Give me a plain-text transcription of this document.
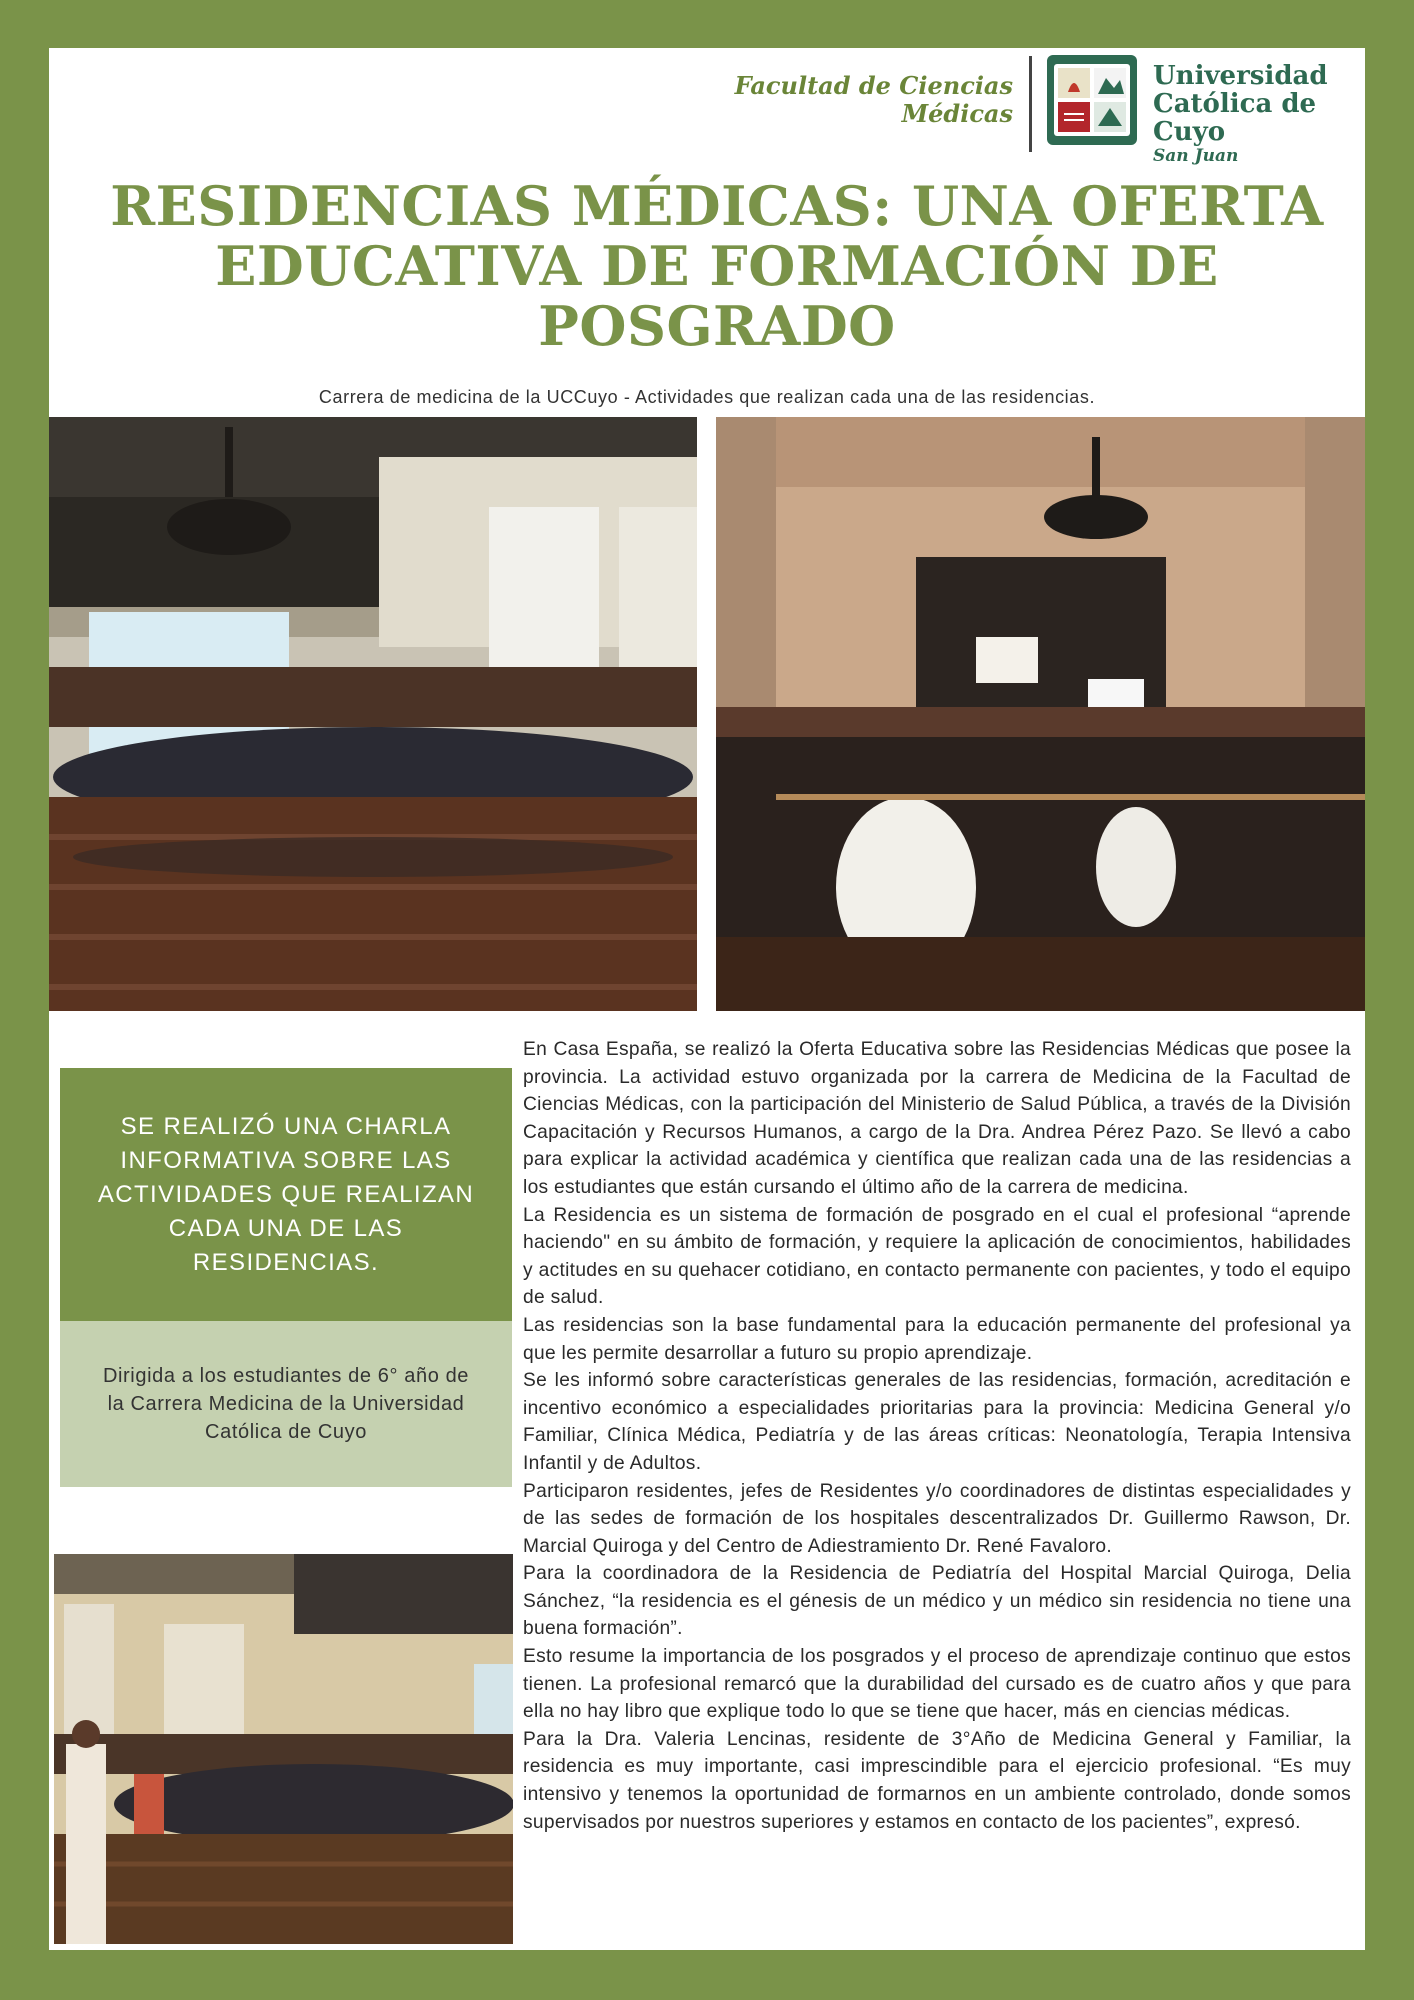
Facultad de Ciencias
Médicas
Universidad
Católica de Cuyo
San Juan
RESIDENCIAS MÉDICAS: UNA OFERTA EDUCATIVA DE FORMACIÓN DE POSGRADO
Carrera de medicina de la UCCuyo - Actividades que realizan cada una de las residencias.
SE REALIZÓ UNA CHARLA INFORMATIVA SOBRE LAS ACTIVIDADES QUE REALIZAN CADA UNA DE LAS RESIDENCIAS.
Dirigida a los estudiantes de 6° año de la Carrera Medicina de la Universidad Católica de Cuyo

En Casa España, se realizó la Oferta Educativa sobre las Residencias Médicas que posee la provincia. La actividad estuvo organizada por la carrera de Medicina de la Facultad de Ciencias Médicas, con la participación del Ministerio de Salud Pública, a través de la División Capacitación y Recursos Humanos, a cargo de la Dra. Andrea Pérez Pazo. Se llevó a cabo para explicar la actividad académica y científica que realizan cada una de las residencias a los estudiantes que están cursando el último año de la carrera de medicina.

La Residencia es un sistema de formación de posgrado en el cual el profesional “aprende haciendo" en su ámbito de formación, y requiere la aplicación de conocimientos, habilidades y actitudes en su quehacer cotidiano, en contacto permanente con pacientes, y todo el equipo de salud.

Las residencias son la base fundamental para la educación permanente del profesional ya que les permite desarrollar a futuro su propio aprendizaje.

Se les informó sobre características generales de las residencias, formación, acreditación e incentivo económico a especialidades prioritarias para la provincia: Medicina General y/o Familiar, Clínica Médica, Pediatría y de las áreas críticas: Neonatología, Terapia Intensiva Infantil y de Adultos.

Participaron residentes, jefes de Residentes y/o coordinadores de distintas especialidades y de las sedes de formación de los hospitales descentralizados Dr. Guillermo Rawson, Dr. Marcial Quiroga y del Centro de Adiestramiento Dr. René Favaloro.

Para la coordinadora de la Residencia de Pediatría del Hospital Marcial Quiroga, Delia Sánchez, “la residencia es el génesis de un médico y un médico sin residencia no tiene una buena formación”.

Esto resume la importancia de los posgrados y el proceso de aprendizaje continuo que estos tienen. La profesional remarcó que la durabilidad del cursado es de cuatro años y que para ella no hay libro que explique todo lo que se tiene que hacer, más en ciencias médicas.

Para la Dra. Valeria Lencinas, residente de 3°Año de Medicina General y Familiar, la residencia es muy importante, casi imprescindible para el ejercicio profesional. “Es muy intensivo y tenemos la oportunidad de formarnos en un ambiente controlado, donde somos supervisados por nuestros superiores y estamos en contacto de los pacientes”, expresó.
